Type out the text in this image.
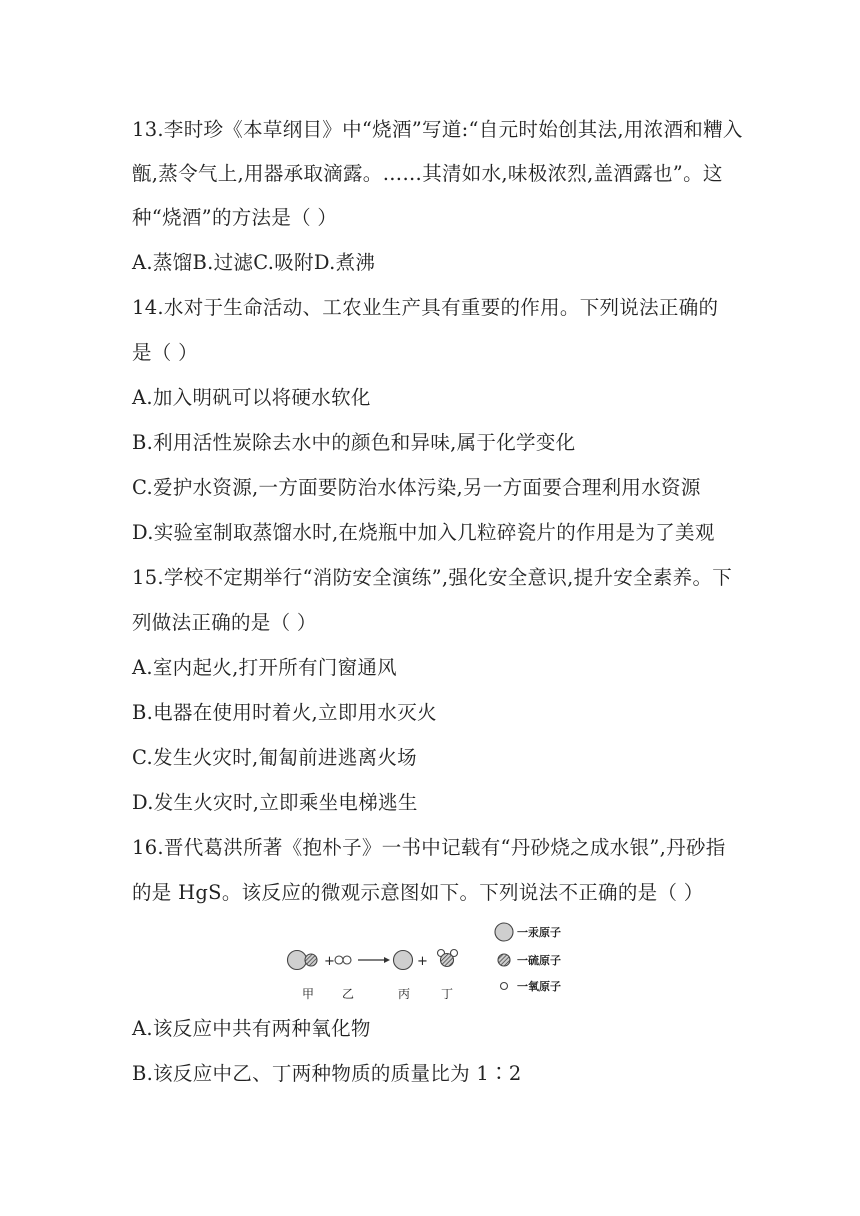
13.李时珍《本草纲目》中“烧酒”写道:“自元时始创其法,用浓酒和糟入
甑,蒸令气上,用器承取滴露。……其清如水,味极浓烈,盖酒露也”。这
种“烧酒”的方法是（ ）
A.蒸馏B.过滤C.吸附D.煮沸
14.水对于生命活动、工农业生产具有重要的作用。下列说法正确的
是（ ）
A.加入明矾可以将硬水软化
B.利用活性炭除去水中的颜色和异味,属于化学变化
C.爱护水资源,一方面要防治水体污染,另一方面要合理利用水资源
D.实验室制取蒸馏水时,在烧瓶中加入几粒碎瓷片的作用是为了美观
15.学校不定期举行“消防安全演练”,强化安全意识,提升安全素养。下
列做法正确的是（ ）
A.室内起火,打开所有门窗通风
B.电器在使用时着火,立即用水灭火
C.发生火灾时,匍匐前进逃离火场
D.发生火灾时,立即乘坐电梯逃生
16.晋代葛洪所著《抱朴子》一书中记载有“丹砂烧之成水银”,丹砂指
的是 HgS。该反应的微观示意图如下。下列说法不正确的是（ ）
+	+
一汞原子
一硫原子
一氧原子
甲 乙	丙	丁
A.该反应中共有两种氧化物
B.该反应中乙、丁两种物质的质量比为 1∶2
